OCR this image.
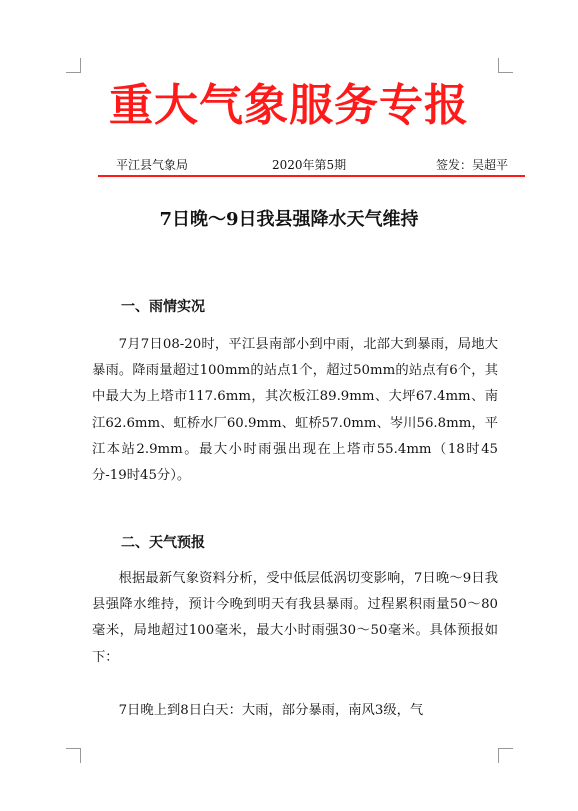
重大气象服务专报
平江县气象局	2020年第5期	签发：吴超平
7日晚～9日我县强降水天气维持
一、雨情实况

7月7日08-20时，平江县南部小到中雨，北部大到暴雨，局地大暴雨。降雨量超过100mm的站点1个，超过50mm的站点有6个，其中最大为上塔市117.6mm，其次板江89.9mm、大坪67.4mm、南江62.6mm、虹桥水厂60.9mm、虹桥57.0mm、岑川56.8mm，平江本站2.9mm。最大小时雨强出现在上塔市55.4mm（18时45分-19时45分）。

二、天气预报

根据最新气象资料分析，受中低层低涡切变影响，7日晚～9日我县强降水维持，预计今晚到明天有我县暴雨。过程累积雨量50～80毫米，局地超过100毫米，最大小时雨强30～50毫米。具体预报如下：

7日晚上到8日白天：大雨，部分暴雨，南风3级，气
